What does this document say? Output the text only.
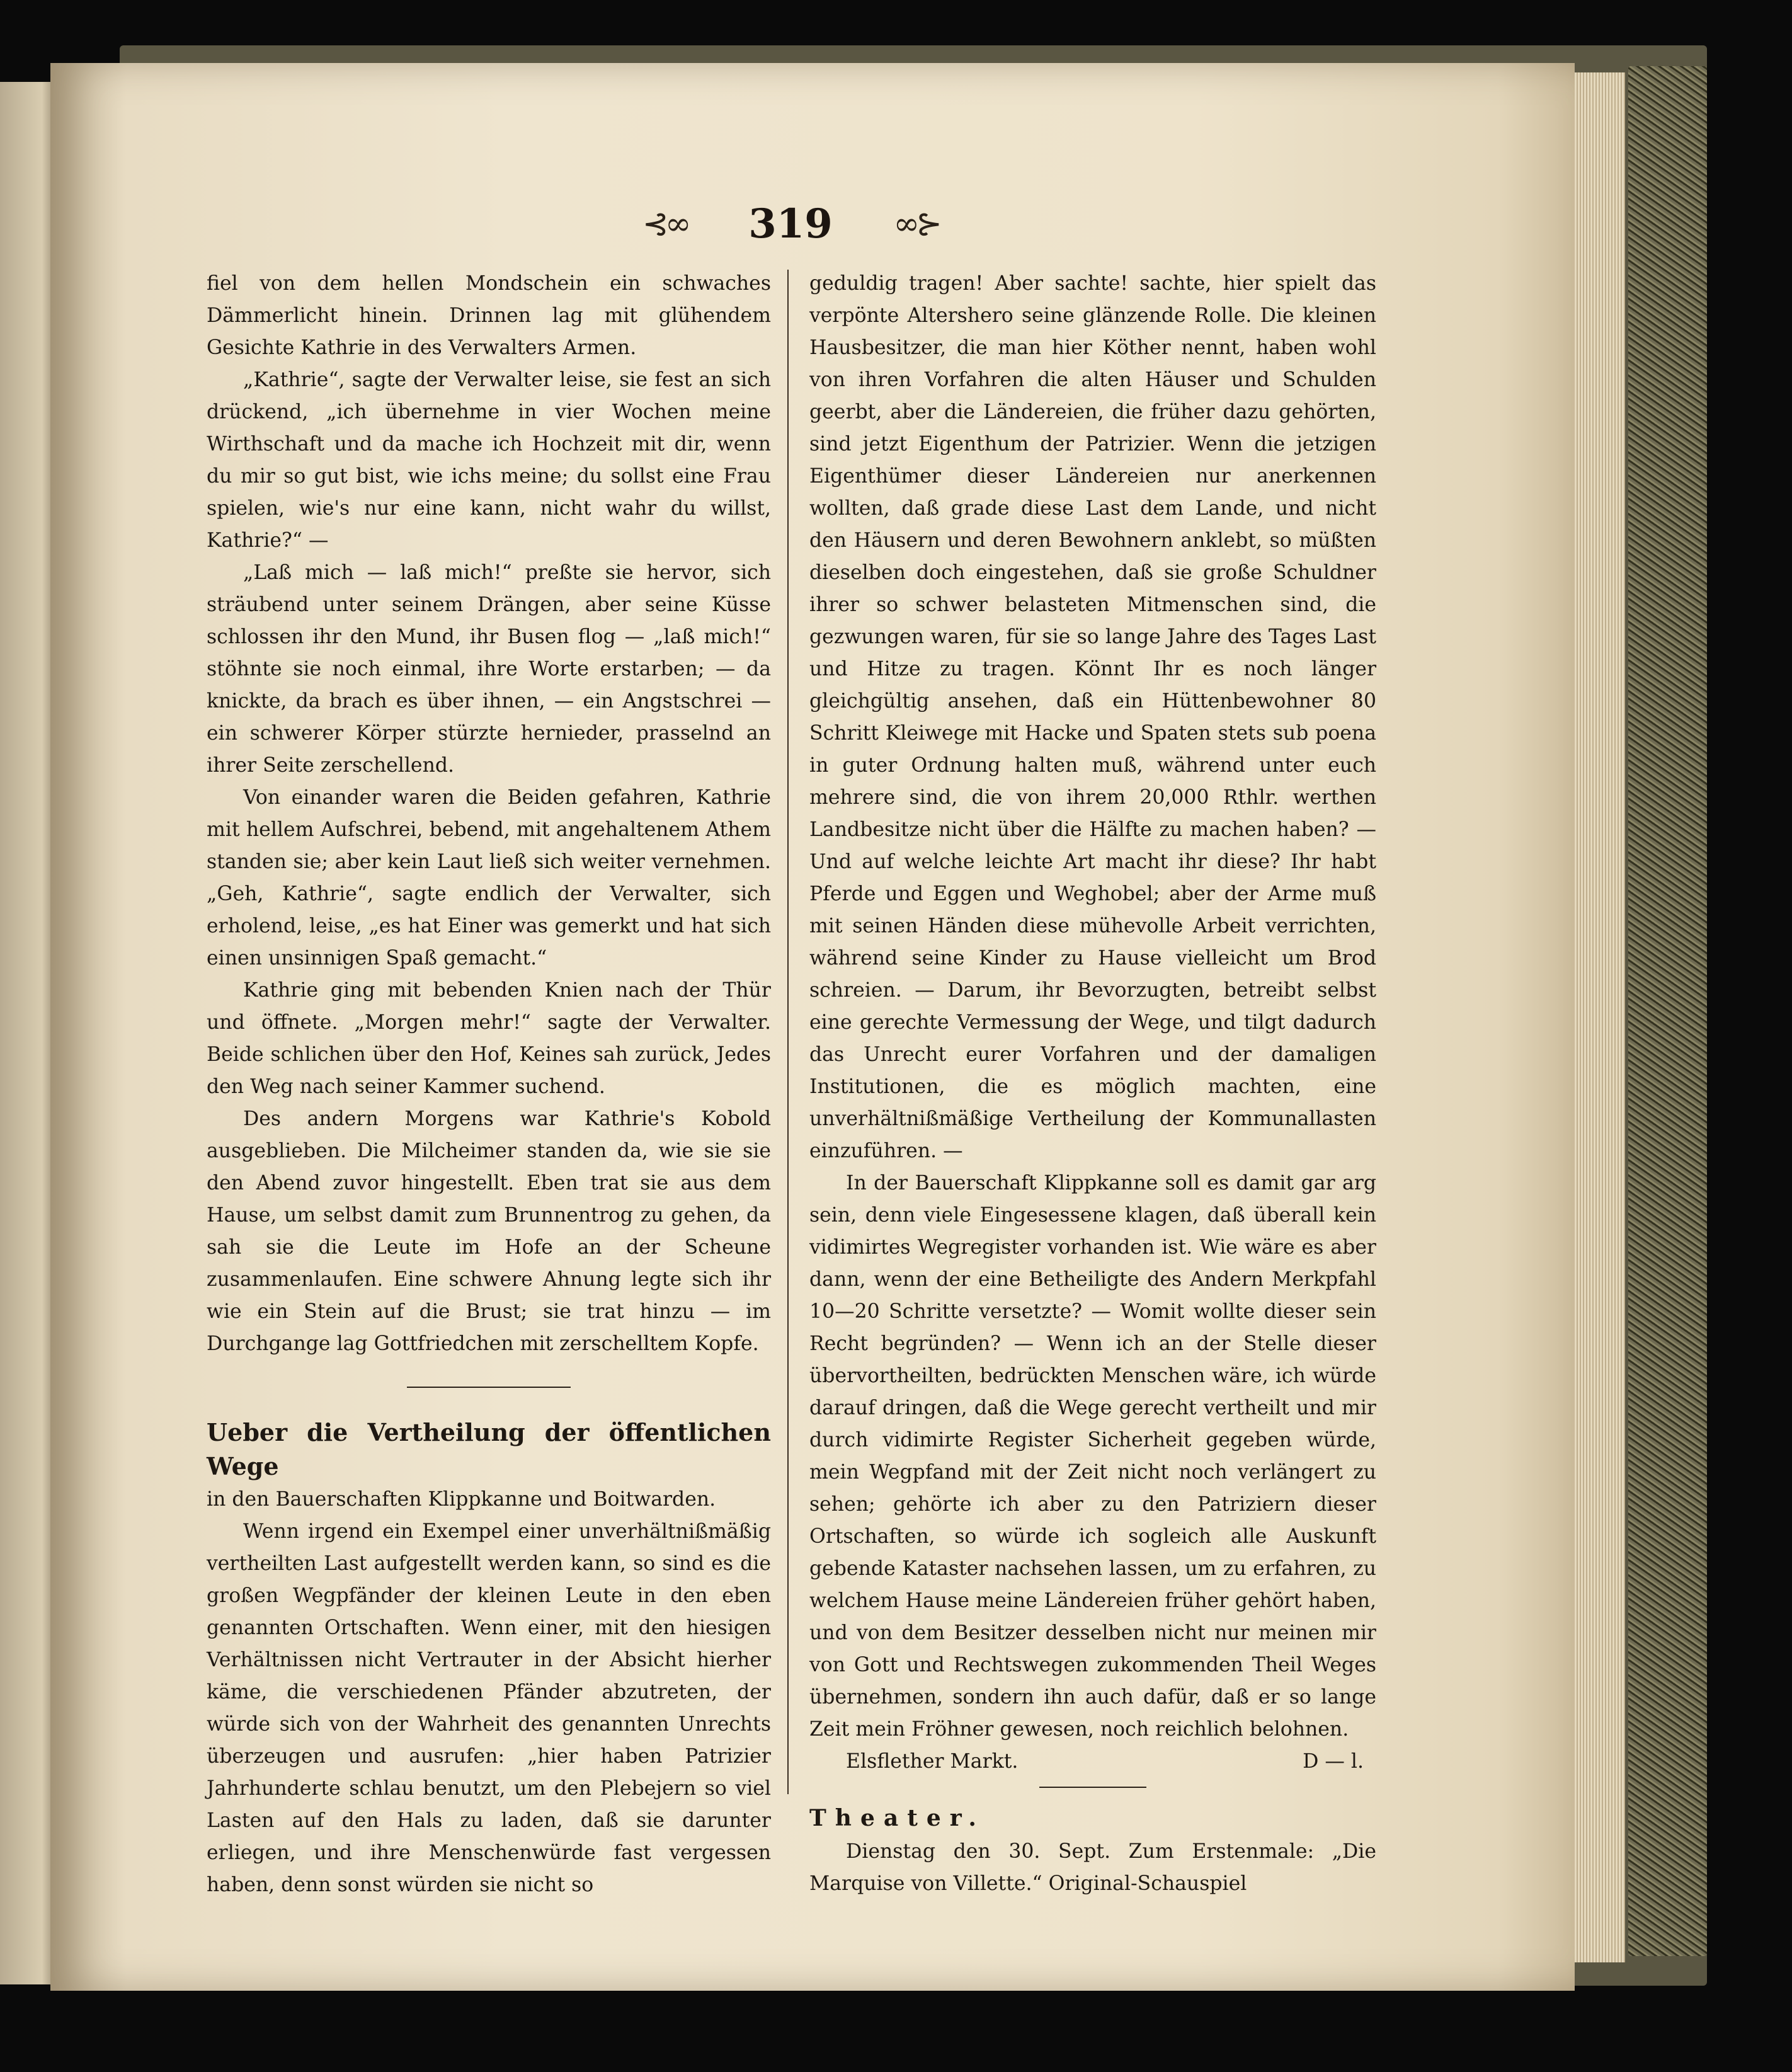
⊰∞ 319 ∞⊱

fiel von dem hellen Mondschein ein schwaches Dämmerlicht hinein. Drinnen lag mit glühendem Gesichte Kathrie in des Verwalters Armen.

„Kathrie“, sagte der Verwalter leise, sie fest an sich drückend, „ich übernehme in vier Wochen meine Wirthschaft und da mache ich Hochzeit mit dir, wenn du mir so gut bist, wie ichs meine; du sollst eine Frau spielen, wie's nur eine kann, nicht wahr du willst, Kathrie?“ —

„Laß mich — laß mich!“ preßte sie hervor, sich sträubend unter seinem Drängen, aber seine Küsse schlossen ihr den Mund, ihr Busen flog — „laß mich!“ stöhnte sie noch einmal, ihre Worte erstarben; — da knickte, da brach es über ihnen, — ein Angstschrei — ein schwerer Körper stürzte hernieder, prasselnd an ihrer Seite zerschellend.

Von einander waren die Beiden gefahren, Kathrie mit hellem Aufschrei, bebend, mit angehaltenem Athem standen sie; aber kein Laut ließ sich weiter vernehmen. „Geh, Kathrie“, sagte endlich der Verwalter, sich erholend, leise, „es hat Einer was gemerkt und hat sich einen unsinnigen Spaß gemacht.“

Kathrie ging mit bebenden Knien nach der Thür und öffnete. „Morgen mehr!“ sagte der Verwalter. Beide schlichen über den Hof, Keines sah zurück, Jedes den Weg nach seiner Kammer suchend.

Des andern Morgens war Kathrie's Kobold ausgeblieben. Die Milcheimer standen da, wie sie sie den Abend zuvor hingestellt. Eben trat sie aus dem Hause, um selbst damit zum Brunnentrog zu gehen, da sah sie die Leute im Hofe an der Scheune zusammenlaufen. Eine schwere Ahnung legte sich ihr wie ein Stein auf die Brust; sie trat hinzu — im Durchgange lag Gottfriedchen mit zerschelltem Kopfe.

Ueber die Vertheilung der öffentlichen Wege

in den Bauerschaften Klippkanne und Boitwarden.

Wenn irgend ein Exempel einer unverhältnißmäßig vertheilten Last aufgestellt werden kann, so sind es die großen Wegpfänder der kleinen Leute in den eben genannten Ortschaften. Wenn einer, mit den hiesigen Verhältnissen nicht Vertrauter in der Absicht hierher käme, die verschiedenen Pfänder abzutreten, der würde sich von der Wahrheit des genannten Unrechts überzeugen und ausrufen: „hier haben Patrizier Jahrhunderte schlau benutzt, um den Plebejern so viel Lasten auf den Hals zu laden, daß sie darunter erliegen, und ihre Menschenwürde fast vergessen haben, denn sonst würden sie nicht so

geduldig tragen! Aber sachte! sachte, hier spielt das verpönte Altershero seine glänzende Rolle. Die kleinen Hausbesitzer, die man hier Köther nennt, haben wohl von ihren Vorfahren die alten Häuser und Schulden geerbt, aber die Ländereien, die früher dazu gehörten, sind jetzt Eigenthum der Patrizier. Wenn die jetzigen Eigenthümer dieser Ländereien nur anerkennen wollten, daß grade diese Last dem Lande, und nicht den Häusern und deren Bewohnern anklebt, so müßten dieselben doch eingestehen, daß sie große Schuldner ihrer so schwer belasteten Mitmenschen sind, die gezwungen waren, für sie so lange Jahre des Tages Last und Hitze zu tragen. Könnt Ihr es noch länger gleichgültig ansehen, daß ein Hüttenbewohner 80 Schritt Kleiwege mit Hacke und Spaten stets sub poena in guter Ordnung halten muß, während unter euch mehrere sind, die von ihrem 20,000 Rthlr. werthen Landbesitze nicht über die Hälfte zu machen haben? — Und auf welche leichte Art macht ihr diese? Ihr habt Pferde und Eggen und Weghobel; aber der Arme muß mit seinen Händen diese mühevolle Arbeit verrichten, während seine Kinder zu Hause vielleicht um Brod schreien. — Darum, ihr Bevorzugten, betreibt selbst eine gerechte Vermessung der Wege, und tilgt dadurch das Unrecht eurer Vorfahren und der damaligen Institutionen, die es möglich machten, eine unverhältnißmäßige Vertheilung der Kommunallasten einzuführen. —

In der Bauerschaft Klippkanne soll es damit gar arg sein, denn viele Eingesessene klagen, daß überall kein vidimirtes Wegregister vorhanden ist. Wie wäre es aber dann, wenn der eine Betheiligte des Andern Merkpfahl 10—20 Schritte versetzte? — Womit wollte dieser sein Recht begründen? — Wenn ich an der Stelle dieser übervortheilten, bedrückten Menschen wäre, ich würde darauf dringen, daß die Wege gerecht vertheilt und mir durch vidimirte Register Sicherheit gegeben würde, mein Wegpfand mit der Zeit nicht noch verlängert zu sehen; gehörte ich aber zu den Patriziern dieser Ortschaften, so würde ich sogleich alle Auskunft gebende Kataster nachsehen lassen, um zu erfahren, zu welchem Hause meine Ländereien früher gehört haben, und von dem Besitzer desselben nicht nur meinen mir von Gott und Rechtswegen zukommenden Theil Weges übernehmen, sondern ihn auch dafür, daß er so lange Zeit mein Fröhner gewesen, noch reichlich belohnen.

Elsflether Markt.	D — l.

Theater.

Dienstag den 30. Sept. Zum Erstenmale: „Die Marquise von Villette.“ Original-Schauspiel
